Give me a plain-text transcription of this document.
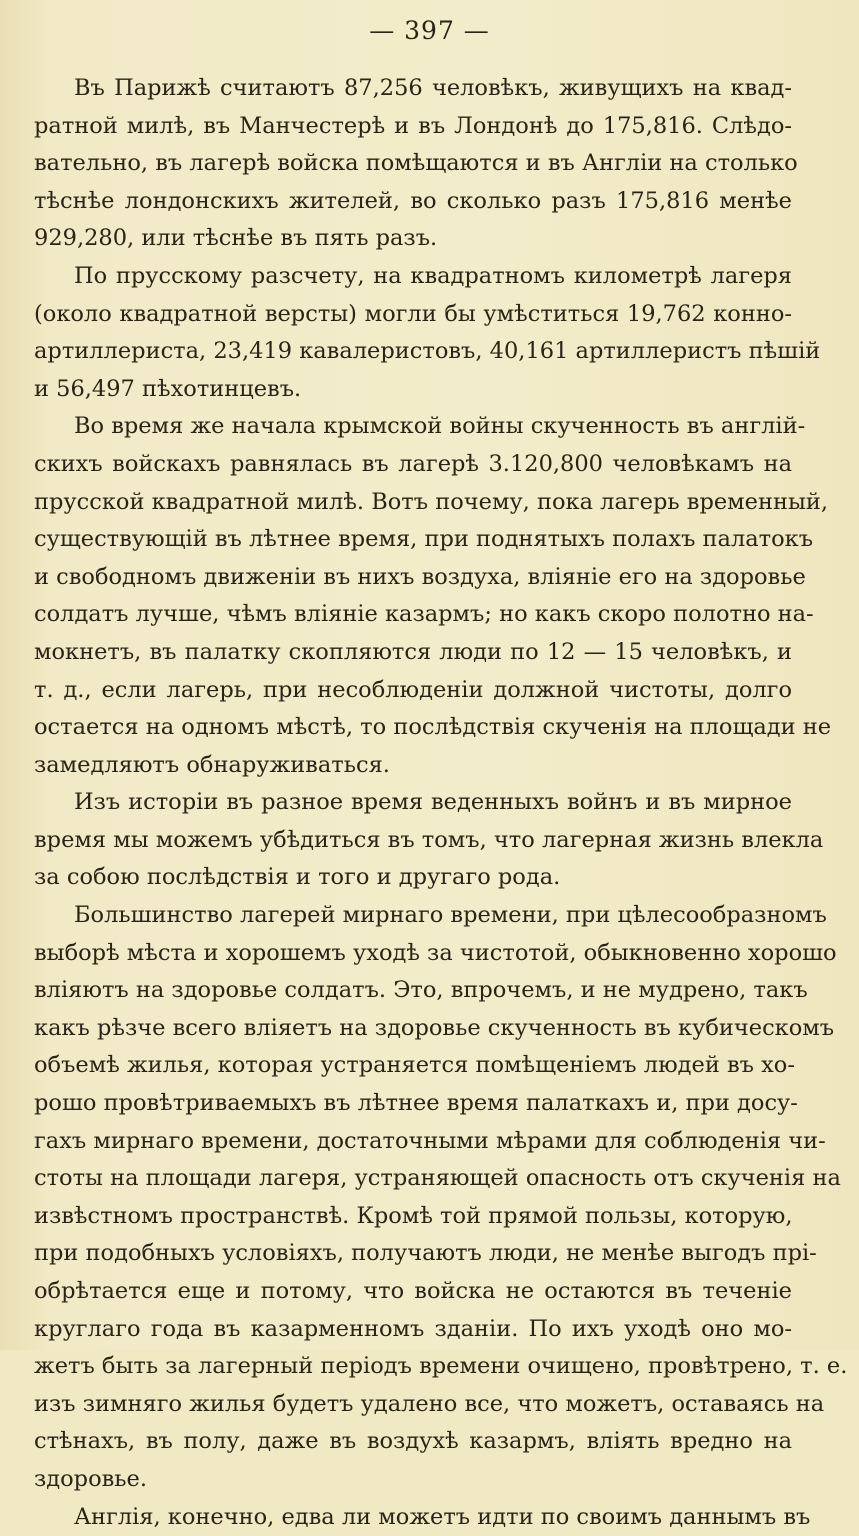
— 397 —
Въ Парижѣ считаютъ 87,256 человѣкъ, живущихъ на квад-
ратной милѣ, въ Манчестерѣ и въ Лондонѣ до 175,816. Слѣдо-
вательно, въ лагерѣ войска помѣщаются и въ Англіи на столько
тѣснѣе лондонскихъ жителей, во сколько разъ 175,816 менѣе
929,280, или тѣснѣе въ пять разъ.
По прусскому разсчету, на квадратномъ километрѣ лагеря
(около квадратной версты) могли бы умѣститься 19,762 конно-
артиллериста, 23,419 кавалеристовъ, 40,161 артиллеристъ пѣшій
и 56,497 пѣхотинцевъ.
Во время же начала крымской войны скученность въ англій-
скихъ войскахъ равнялась въ лагерѣ 3.120,800 человѣкамъ на
прусской квадратной милѣ. Вотъ почему, пока лагерь временный,
существующій въ лѣтнее время, при поднятыхъ полахъ палатокъ
и свободномъ движеніи въ нихъ воздуха, вліяніе его на здоровье
солдатъ лучше, чѣмъ вліяніе казармъ; но какъ скоро полотно на-
мокнетъ, въ палатку скопляются люди по 12 — 15 человѣкъ, и
т. д., если лагерь, при несоблюденіи должной чистоты, долго
остается на одномъ мѣстѣ, то послѣдствія скученія на площади не
замедляютъ обнаруживаться.
Изъ исторіи въ разное время веденныхъ войнъ и въ мирное
время мы можемъ убѣдиться въ томъ, что лагерная жизнь влекла
за собою послѣдствія и того и другаго рода.
Большинство лагерей мирнаго времени, при цѣлесообразномъ
выборѣ мѣста и хорошемъ уходѣ за чистотой, обыкновенно хорошо
вліяютъ на здоровье солдатъ. Это, впрочемъ, и не мудрено, такъ
какъ рѣзче всего вліяетъ на здоровье скученность въ кубическомъ
объемѣ жилья, которая устраняется помѣщеніемъ людей въ хо-
рошо провѣтриваемыхъ въ лѣтнее время палаткахъ и, при досу-
гахъ мирнаго времени, достаточными мѣрами для соблюденія чи-
стоты на площади лагеря, устраняющей опасность отъ скученія на
извѣстномъ пространствѣ. Кромѣ той прямой пользы, которую,
при подобныхъ условіяхъ, получаютъ люди, не менѣе выгодъ прі-
обрѣтается еще и потому, что войска не остаются въ теченіе
круглаго года въ казарменномъ зданіи. По ихъ уходѣ оно мо-
жетъ быть за лагерный періодъ времени очищено, провѣтрено, т. е.
изъ зимняго жилья будетъ удалено все, что можетъ, оставаясь на
стѣнахъ, въ полу, даже въ воздухѣ казармъ, вліять вредно на
здоровье.
Англія, конечно, едва ли можетъ идти по своимъ даннымъ въ
